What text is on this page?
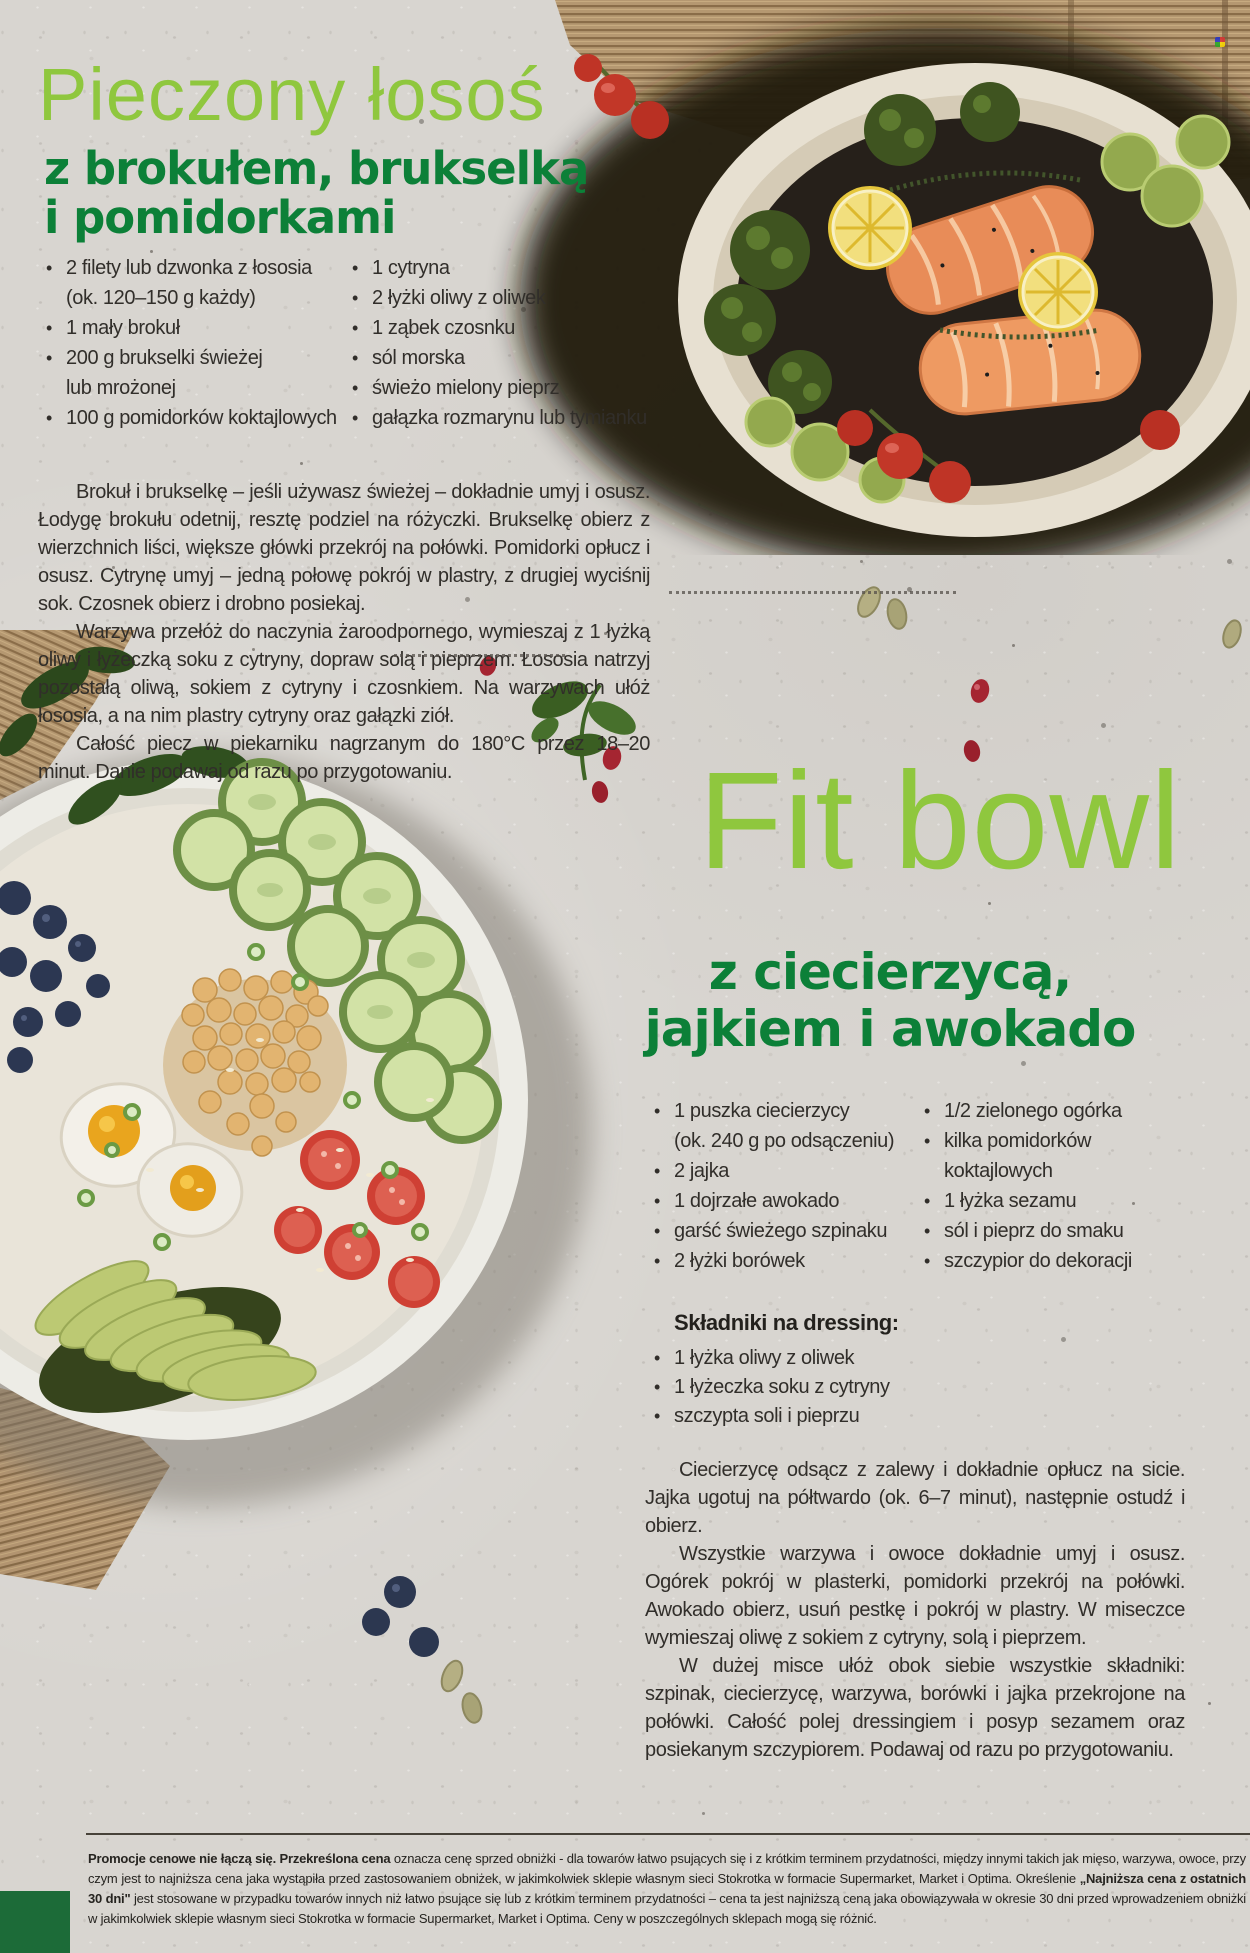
Pieczony łosoś
z brokułem, brukselką
i pomidorkami
• 2 filety lub dzwonka z łososia
(ok. 120–150 g każdy)
• 1 mały brokuł
• 200 g brukselki świeżej
lub mrożonej
• 100 g pomidorków koktajlowych
• 1 cytryna
• 2 łyżki oliwy z oliwek
• 1 ząbek czosnku
• sól morska
• świeżo mielony pieprz
• gałązka rozmarynu lub tymianku

Brokuł i brukselkę – jeśli używasz świeżej – dokładnie umyj i osusz. Łodygę brokułu odetnij, resztę podziel na różyczki. Brukselkę obierz z wierzchnich liści, większe główki przekrój na połówki. Pomidorki opłucz i osusz. Cytrynę umyj – jedną połowę pokrój w plastry, z drugiej wyciśnij sok. Czosnek obierz i drobno posiekaj.

Warzywa przełóż do naczynia żaroodpornego, wymieszaj z 1 łyżką oliwy i łyżeczką soku z cytryny, dopraw solą i pieprzem. Łososia natrzyj pozostałą oliwą, sokiem z cytryny i czosnkiem. Na warzywach ułóż łososia, a na nim plastry cytryny oraz gałązki ziół.

Całość piecz w piekarniku nagrzanym do 180°C przez 18–20 minut. Danie podawaj od razu po przygotowaniu.	Fit bowl
z ciecierzycą,
jajkiem i awokado
• 1 puszka ciecierzycy
(ok. 240 g po odsączeniu)
• 2 jajka
• 1 dojrzałe awokado
• garść świeżego szpinaku
• 2 łyżki borówek
• 1/2 zielonego ogórka
• kilka pomidorków
koktajlowych
• 1 łyżka sezamu
• sól i pieprz do smaku
• szczypior do dekoracji
Składniki na dressing:
• 1 łyżka oliwy z oliwek
• 1 łyżeczka soku z cytryny
• szczypta soli i pieprzu

Ciecierzycę odsącz z zalewy i dokładnie opłucz na sicie. Jajka ugotuj na półtwardo (ok. 6–7 minut), następnie ostudź i obierz.

Wszystkie warzywa i owoce dokładnie umyj i osusz. Ogórek pokrój w plasterki, pomidorki przekrój na połówki. Awokado obierz, usuń pestkę i pokrój w plastry. W miseczce wymieszaj oliwę z sokiem z cytryny, solą i pieprzem.

W dużej misce ułóż obok siebie wszystkie składniki: szpinak, ciecierzycę, warzywa, borówki i jajka przekrojone na połówki. Całość polej dressingiem i posyp sezamem oraz posiekanym szczypiorem. Podawaj od razu po przygotowaniu.

Promocje cenowe nie łączą się. Przekreślona cena oznacza cenę sprzed obniżki - dla towarów łatwo psujących się i z krótkim terminem przydatności, między innymi takich jak mięso, warzywa, owoce, przy czym jest to najniższa cena jaka wystąpiła przed zastosowaniem obniżek, w jakimkolwiek sklepie własnym sieci Stokrotka w formacie Supermarket, Market i Optima. Określenie „Najniższa cena z ostatnich 30 dni" jest stosowane w przypadku towarów innych niż łatwo psujące się lub z krótkim terminem przydatności – cena ta jest najniższą ceną jaka obowiązywała w okresie 30 dni przed wprowadzeniem obniżki w jakimkolwiek sklepie własnym sieci Stokrotka w formacie Supermarket, Market i Optima. Ceny w poszczególnych sklepach mogą się różnić.
